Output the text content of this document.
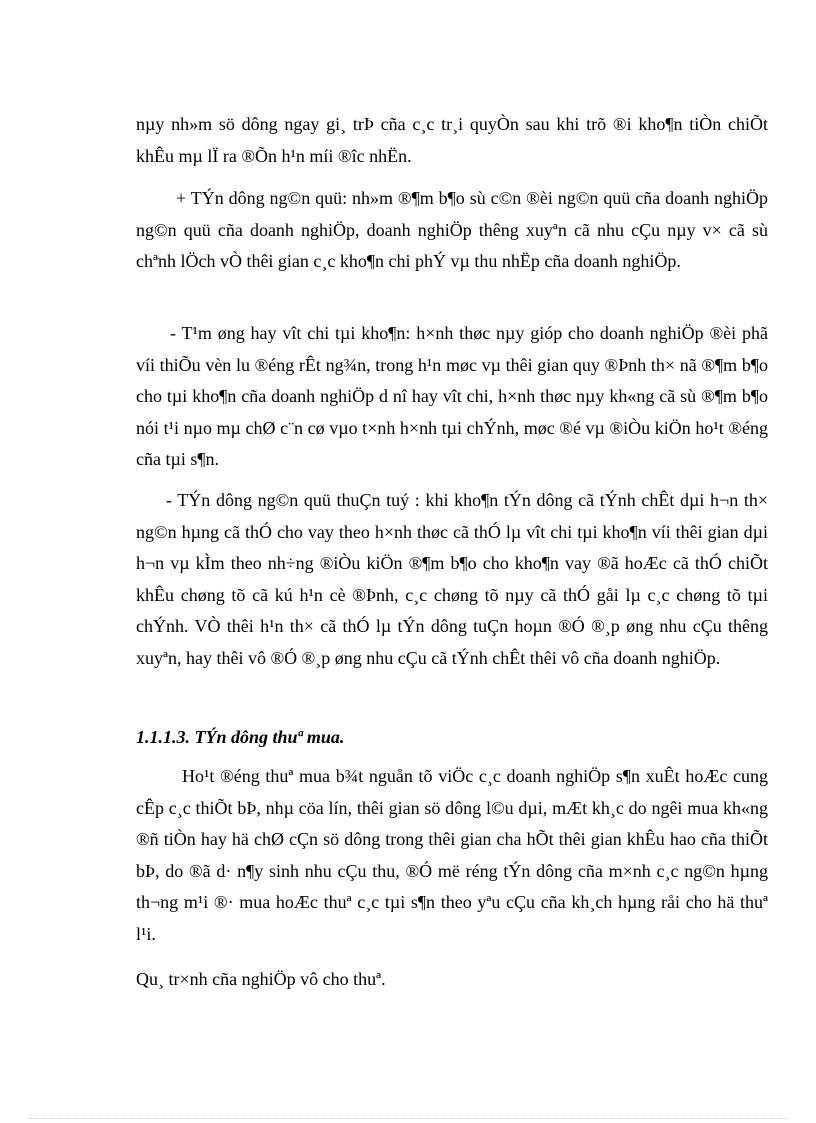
nµy nh»m sö dông ngay gi¸ trÞ cña c¸c tr¸i quyÒn sau khi trõ ®i kho¶n tiÒn chiÕt khÊu mµ lÏ ra ®Õn h¹n míi ®îc nhËn.

+ TÝn dông ng©n quü: nh»m ®¶m b¶o sù c©n ®èi ng©n quü cña doanh nghiÖp ng©n quü cña doanh nghiÖp, doanh nghiÖp thêng xuyªn cã nhu cÇu nµy v× cã sù chªnh lÖch vÒ thêi gian c¸c kho¶n chi phÝ vµ thu nhËp cña doanh nghiÖp.

- T¹m øng hay vît chi tµi kho¶n: h×nh thøc nµy gióp cho doanh nghiÖp ®èi phã víi thiÕu vèn lu ®éng rÊt ng¾n, trong h¹n møc vµ thêi gian quy ®Þnh th× nã ®¶m b¶o cho tµi kho¶n cña doanh nghiÖp d nî hay vît chi, h×nh thøc nµy kh«ng cã sù ®¶m b¶o nói t¹i nµo mµ chØ c¨n cø vµo t×nh h×nh tµi chÝnh, møc ®é vµ ®iÒu kiÖn ho¹t ®éng cña tµi s¶n.

- TÝn dông ng©n quü thuÇn tuý : khi kho¶n tÝn dông cã tÝnh chÊt dµi h¬n th× ng©n hµng cã thÓ cho vay theo h×nh thøc cã thÓ lµ vît chi tµi kho¶n víi thêi gian dµi h¬n vµ kÌm theo nh÷ng ®iÒu kiÖn ®¶m b¶o cho kho¶n vay ®ã hoÆc cã thÓ chiÕt khÊu chøng tõ cã kú h¹n cè ®Þnh, c¸c chøng tõ nµy cã thÓ gåi lµ c¸c chøng tõ tµi chÝnh. VÒ thêi h¹n th× cã thÓ lµ tÝn dông tuÇn hoµn ®Ó ®¸p øng nhu cÇu thêng xuyªn, hay thêi vô ®Ó ®¸p øng nhu cÇu cã tÝnh chÊt thêi vô cña doanh nghiÖp.

1.1.1.3. TÝn dông thuª mua.

Ho¹t ®éng thuª mua b¾t nguån tõ viÖc c¸c doanh nghiÖp s¶n xuÊt hoÆc cung cÊp c¸c thiÕt bÞ, nhµ cöa lín, thêi gian sö dông l©u dµi, mÆt kh¸c do ngêi mua kh«ng ®ñ tiÒn hay hä chØ cÇn sö dông trong thêi gian cha hÕt thêi gian khÊu hao cña thiÕt bÞ, do ®ã d· n¶y sinh nhu cÇu thu, ®Ó më réng tÝn dông cña m×nh c¸c ng©n hµng th¬ng m¹i ®· mua hoÆc thuª c¸c tµi s¶n theo yªu cÇu cña kh¸ch hµng råi cho hä thuª l¹i.

Qu¸ tr×nh cña nghiÖp vô cho thuª.
